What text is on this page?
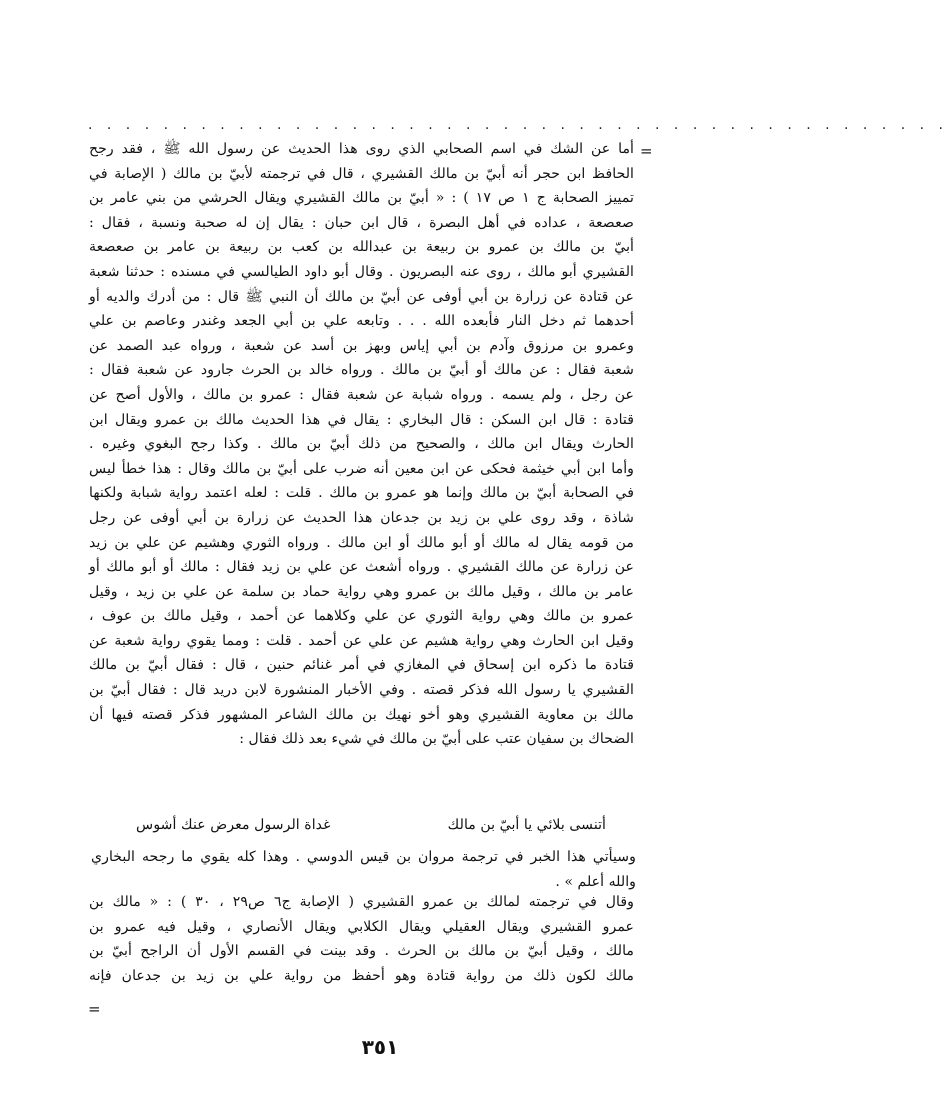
. . . . . . . . . . . . . . . . . . . . . . . . . . . . . . . . . . . . . . . . . . . . . .
=
أما عن الشك في اسم الصحابي الذي روى هذا الحديث عن رسول الله ﷺ ، فقد رجح
الحافظ ابن حجر أنه أبيّ بن مالك القشيري ، قال في ترجمته لأبيّ بن مالك ( الإصابة في
تمييز الصحابة ج ١ ص ١٧ ) : « أبيّ بن مالك القشيري ويقال الحرشي من بني عامر بن
صعصعة ، عداده في أهل البصرة ، قال ابن حبان : يقال إن له صحبة ونسبة ، فقال :
أبيّ بن مالك بن عمرو بن ربيعة بن عبدالله بن كعب بن ربيعة بن عامر بن صعصعة
القشيري أبو مالك ، روى عنه البصريون . وقال أبو داود الطيالسي في مسنده : حدثنا شعبة
عن قتادة عن زرارة بن أبي أوفى عن أبيّ بن مالك أن النبي ﷺ قال : من أدرك والديه أو
أحدهما ثم دخل النار فأبعده الله . . . وتابعه علي بن أبي الجعد وغندر وعاصم بن علي
وعمرو بن مرزوق وآدم بن أبي إياس وبهز بن أسد عن شعبة ، ورواه عبد الصمد عن
شعبة فقال : عن مالك أو أبيّ بن مالك . ورواه خالد بن الحرث جارود عن شعبة فقال :
عن رجل ، ولم يسمه . ورواه شبابة عن شعبة فقال : عمرو بن مالك ، والأول أصح عن
قتادة : قال ابن السكن : قال البخاري : يقال في هذا الحديث مالك بن عمرو ويقال ابن
الحارث ويقال ابن مالك ، والصحيح من ذلك أبيّ بن مالك . وكذا رجح البغوي وغيره .
وأما ابن أبي خيثمة فحكى عن ابن معين أنه ضرب على أبيّ بن مالك وقال : هذا خطأ ليس
في الصحابة أبيّ بن مالك وإنما هو عمرو بن مالك . قلت : لعله اعتمد رواية شبابة ولكنها
شاذة ، وقد روى علي بن زيد بن جدعان هذا الحديث عن زرارة بن أبي أوفى عن رجل
من قومه يقال له مالك أو أبو مالك أو ابن مالك . ورواه الثوري وهشيم عن علي بن زيد
عن زرارة عن مالك القشيري . ورواه أشعث عن علي بن زيد فقال : مالك أو أبو مالك أو
عامر بن مالك ، وقيل مالك بن عمرو وهي رواية حماد بن سلمة عن علي بن زيد ، وقيل
عمرو بن مالك وهي رواية الثوري عن علي وكلاهما عن أحمد ، وقيل مالك بن عوف ،
وقيل ابن الحارث وهي رواية هشيم عن علي عن أحمد . قلت : ومما يقوي رواية شعبة عن
قتادة ما ذكره ابن إسحاق في المغازي في أمر غنائم حنين ، قال : فقال أبيّ بن مالك
القشيري يا رسول الله فذكر قصته . وفي الأخبار المنشورة لابن دريد قال : فقال أبيّ بن
مالك بن معاوية القشيري وهو أخو نهيك بن مالك الشاعر المشهور فذكر قصته فيها أن
الضحاك بن سفيان عتب على أبيّ بن مالك في شيء بعد ذلك فقال :
أتنسى بلائي يا أبيّ بن مالك
غداة الرسول معرض عنك أشوس
وسيأتي هذا الخبر في ترجمة مروان بن قيس الدوسي . وهذا كله يقوي ما رجحه البخاري
والله أعلم » .
وقال في ترجمته لمالك بن عمرو القشيري ( الإصابة ج٦ ص٢٩ ، ٣٠ ) : « مالك بن
عمرو القشيري ويقال العقيلي ويقال الكلابي ويقال الأنصاري ، وقيل فيه عمرو بن
مالك ، وقيل أبيّ بن مالك بن الحرث . وقد بينت في القسم الأول أن الراجح أبيّ بن
مالك لكون ذلك من رواية قتادة وهو أحفظ من رواية علي بن زيد بن جدعان فإنه
=
٣٥١
